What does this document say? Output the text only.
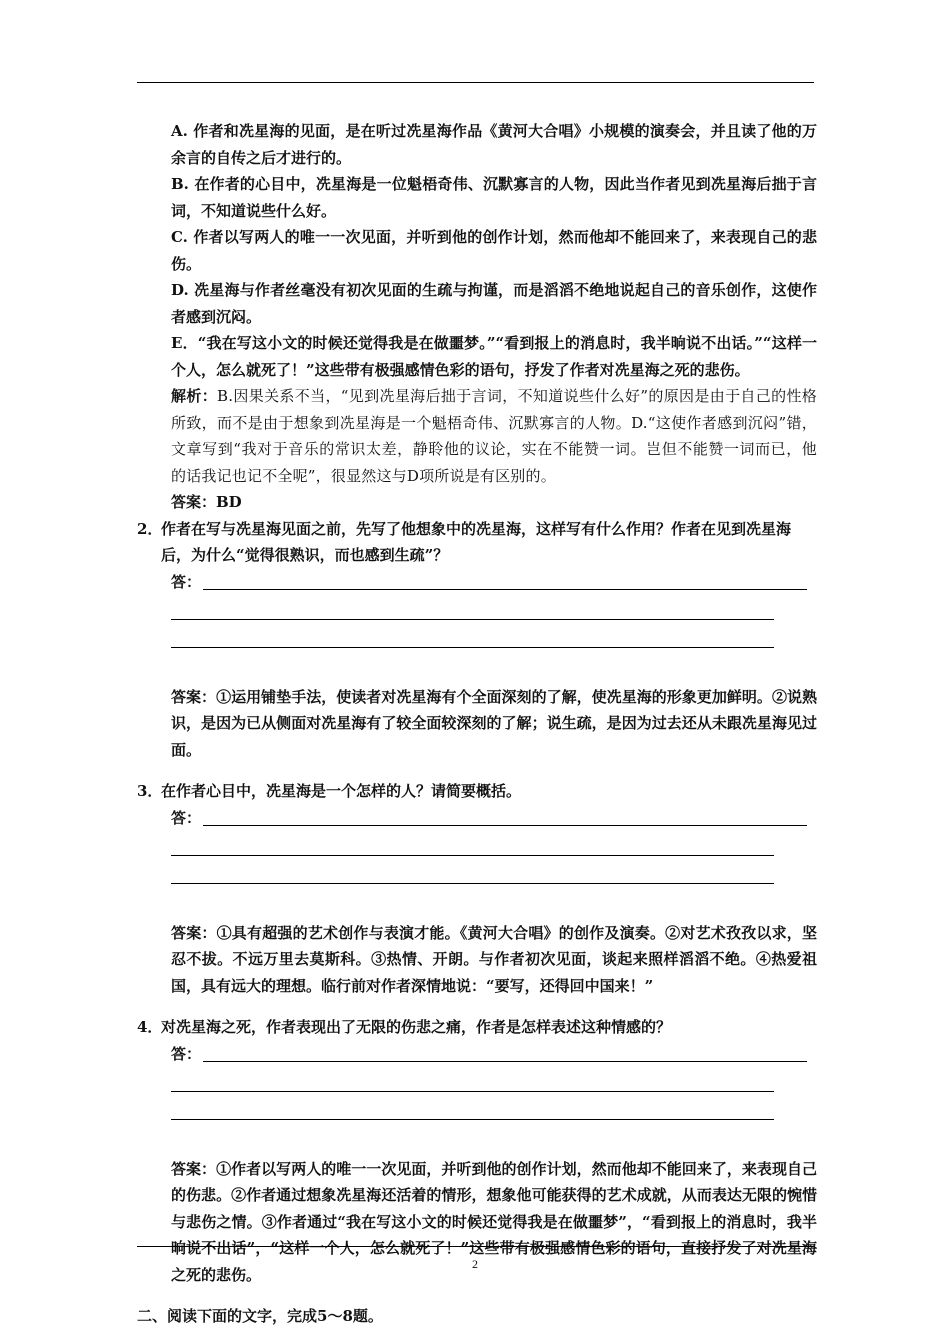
A. 作者和冼星海的见面，是在听过冼星海作品《黄河大合唱》小规模的演奏会，并且读了他的万余言的自传之后才进行的。

B. 在作者的心目中，冼星海是一位魁梧奇伟、沉默寡言的人物，因此当作者见到冼星海后拙于言词，不知道说些什么好。

C. 作者以写两人的唯一一次见面，并听到他的创作计划，然而他却不能回来了，来表现自己的悲伤。

D. 冼星海与作者丝毫没有初次见面的生疏与拘谨，而是滔滔不绝地说起自己的音乐创作，这使作者感到沉闷。

E．“我在写这小文的时候还觉得我是在做噩梦。”“看到报上的消息时，我半晌说不出话。”“这样一个人，怎么就死了！”这些带有极强感情色彩的语句，抒发了作者对冼星海之死的悲伤。

解析：B.因果关系不当，“见到冼星海后拙于言词，不知道说些什么好”的原因是由于自己的性格所致，而不是由于想象到冼星海是一个魁梧奇伟、沉默寡言的人物。D.“这使作者感到沉闷”错，文章写到“我对于音乐的常识太差，静聆他的议论，实在不能赞一词。岂但不能赞一词而已，他的话我记也记不全呢”，很显然这与D项所说是有区别的。

答案：BD

2．
作者在写与冼星海见面之前，先写了他想象中的冼星海，这样写有什么作用？作者在见到冼星海后，为什么“觉得很熟识，而也感到生疏”？
答：

答案：①运用铺垫手法，使读者对冼星海有个全面深刻的了解，使冼星海的形象更加鲜明。②说熟识，是因为已从侧面对冼星海有了较全面较深刻的了解；说生疏，是因为过去还从未跟冼星海见过面。

3．
在作者心目中，冼星海是一个怎样的人？请简要概括。
答：

答案：①具有超强的艺术创作与表演才能。《黄河大合唱》的创作及演奏。②对艺术孜孜以求，坚忍不拔。不远万里去莫斯科。③热情、开朗。与作者初次见面，谈起来照样滔滔不绝。④热爱祖国，具有远大的理想。临行前对作者深情地说：“要写，还得回中国来！”

4．
对冼星海之死，作者表现出了无限的伤悲之痛，作者是怎样表述这种情感的？
答：

答案：①作者以写两人的唯一一次见面，并听到他的创作计划，然而他却不能回来了，来表现自己的伤悲。②作者通过想象冼星海还活着的情形，想象他可能获得的艺术成就，从而表达无限的惋惜与悲伤之情。③作者通过“我在写这小文的时候还觉得我是在做噩梦”，“看到报上的消息时，我半晌说不出话”，“这样一个人，怎么就死了！”这些带有极强感情色彩的语句，直接抒发了对冼星海之死的悲伤。

二、阅读下面的文字，完成5～8题。
2
